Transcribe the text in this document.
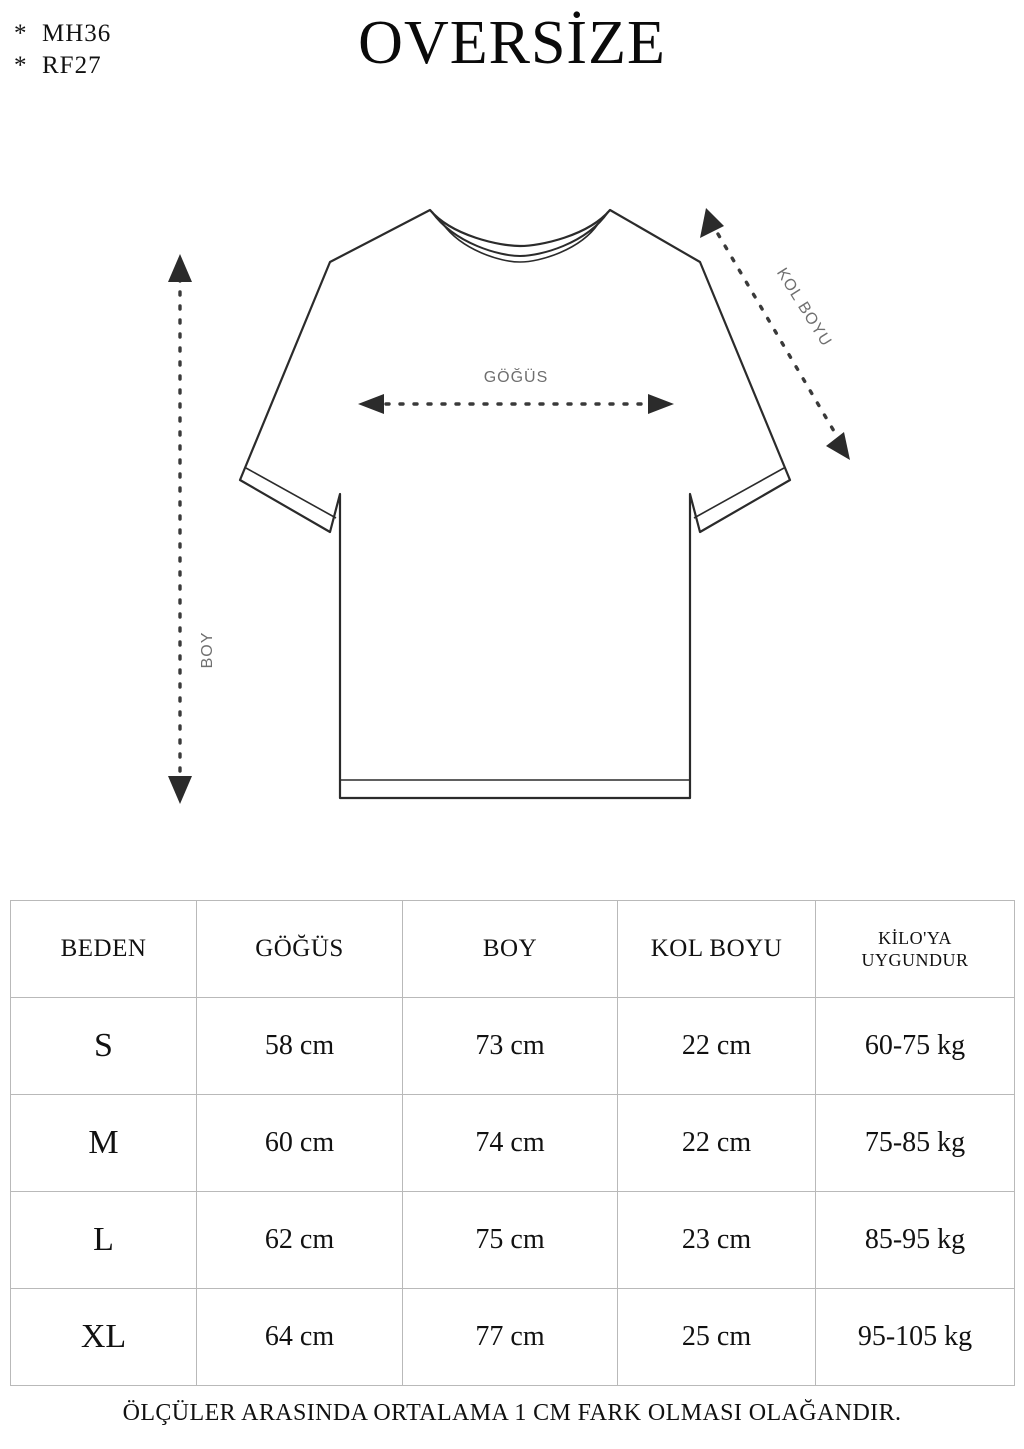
*  MH36
*  RF27	OVERSİZE
GÖĞÜS
BOY
KOL BOYU
BEDEN	GÖĞÜS	BOY	KOL BOYU	KİLO'YA
UYGUNDUR

S	58 cm	73 cm	22 cm	60-75 kg
M	60 cm	74 cm	22 cm	75-85 kg
L	62 cm	75 cm	23 cm	85-95 kg
XL	64 cm	77 cm	25 cm	95-105 kg
ÖLÇÜLER ARASINDA ORTALAMA 1 CM FARK OLMASI OLAĞANDIR.
